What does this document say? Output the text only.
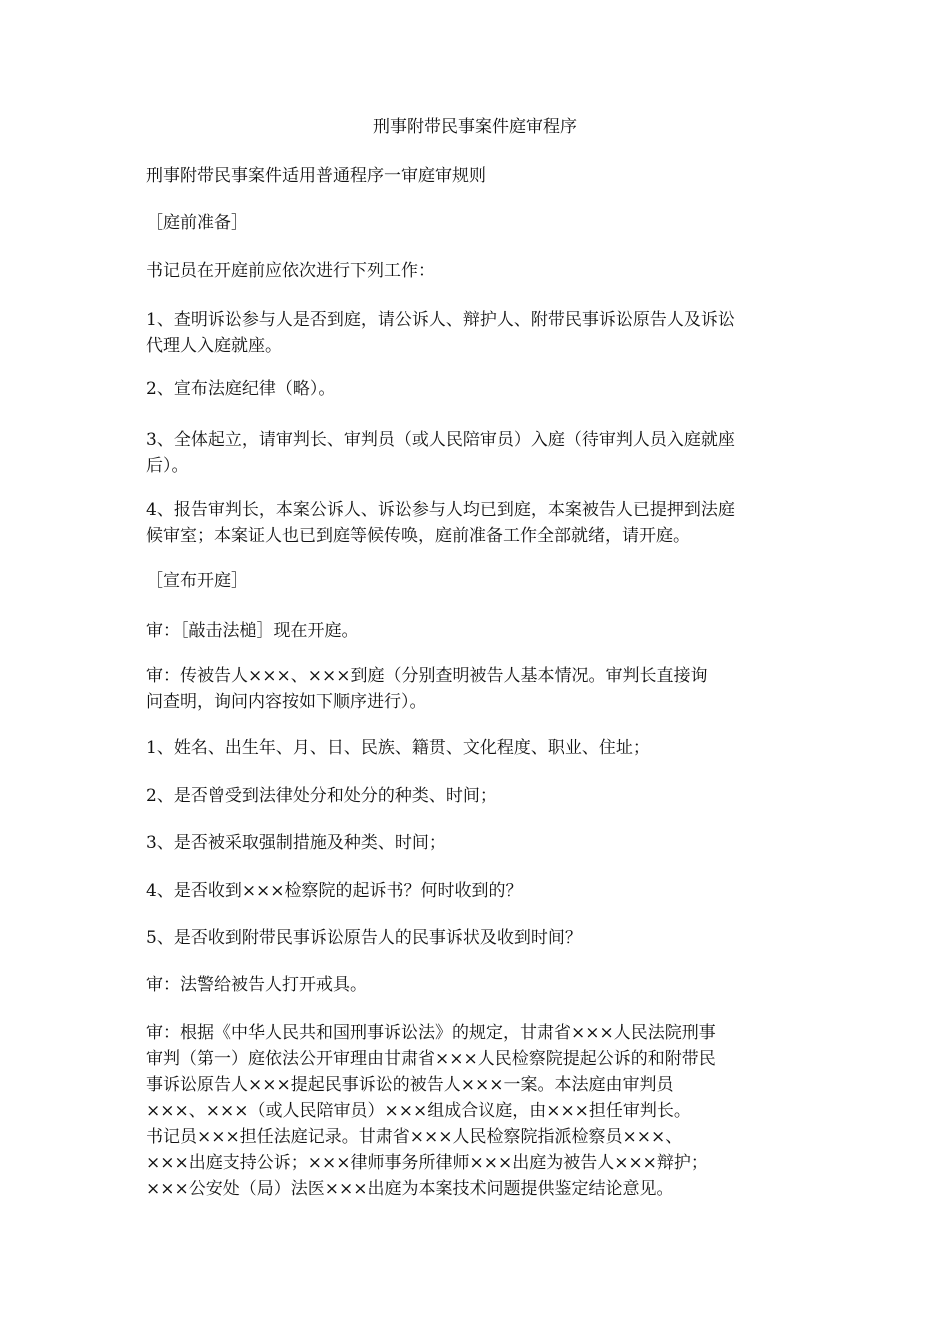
刑事附带民事案件庭审程序
刑事附带民事案件适用普通程序一审庭审规则
［庭前准备］
书记员在开庭前应依次进行下列工作：
1、查明诉讼参与人是否到庭，请公诉人、辩护人、附带民事诉讼原告人及诉讼
代理人入庭就座。
2、宣布法庭纪律（略）。
3、全体起立，请审判长、审判员（或人民陪审员）入庭（待审判人员入庭就座
后）。
4、报告审判长，本案公诉人、诉讼参与人均已到庭，本案被告人已提押到法庭
候审室；本案证人也已到庭等候传唤，庭前准备工作全部就绪，请开庭。
［宣布开庭］
审：［敲击法槌］现在开庭。
审：传被告人×××、×××到庭（分别查明被告人基本情况。审判长直接询
问查明，询问内容按如下顺序进行）。
1、姓名、出生年、月、日、民族、籍贯、文化程度、职业、住址；
2、是否曾受到法律处分和处分的种类、时间；
3、是否被采取强制措施及种类、时间；
4、是否收到×××检察院的起诉书？何时收到的？
5、是否收到附带民事诉讼原告人的民事诉状及收到时间？
审：法警给被告人打开戒具。
审：根据《中华人民共和国刑事诉讼法》的规定，甘肃省×××人民法院刑事
审判（第一）庭依法公开审理由甘肃省×××人民检察院提起公诉的和附带民
事诉讼原告人×××提起民事诉讼的被告人×××一案。本法庭由审判员
×××、×××（或人民陪审员）×××组成合议庭，由×××担任审判长。
书记员×××担任法庭记录。甘肃省×××人民检察院指派检察员×××、
×××出庭支持公诉；×××律师事务所律师×××出庭为被告人×××辩护；
×××公安处（局）法医×××出庭为本案技术问题提供鉴定结论意见。
